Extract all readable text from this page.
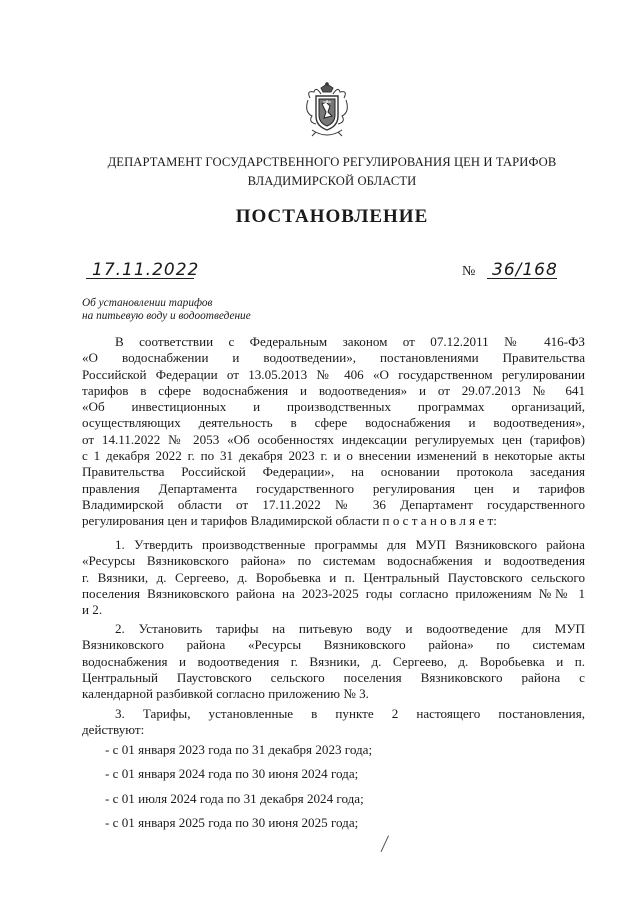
ДЕПАРТАМЕНТ ГОСУДАРСТВЕННОГО РЕГУЛИРОВАНИЯ ЦЕН И ТАРИФОВ
ВЛАДИМИРСКОЙ ОБЛАСТИ
ПОСТАНОВЛЕНИЕ
17.11.2022	№ 36/168
Об установлении тарифов
на питьевую воду и водоотведение
В соответствии с Федеральным законом от 07.12.2011 № 416-ФЗ
«О водоснабжении и водоотведении», постановлениями Правительства
Российской Федерации от 13.05.2013 № 406 «О государственном регулировании
тарифов в сфере водоснабжения и водоотведения» и от 29.07.2013 № 641
«Об инвестиционных и производственных программах организаций,
осуществляющих деятельность в сфере водоснабжения и водоотведения»,
от 14.11.2022 № 2053 «Об особенностях индексации регулируемых цен (тарифов)
с 1 декабря 2022 г. по 31 декабря 2023 г. и о внесении изменений в некоторые акты
Правительства Российской Федерации», на основании протокола заседания
правления Департамента государственного регулирования цен и тарифов
Владимирской области от 17.11.2022 № 36 Департамент государственного
регулирования цен и тарифов Владимирской области п о с т а н о в л я е т:
1. Утвердить производственные программы для МУП Вязниковского района
«Ресурсы Вязниковского района» по системам водоснабжения и водоотведения
г. Вязники, д. Сергеево, д. Воробьевка и п. Центральный Паустовского сельского
поселения Вязниковского района на 2023-2025 годы согласно приложениям №№ 1
и 2.
2. Установить тарифы на питьевую воду и водоотведение для МУП
Вязниковского района «Ресурсы Вязниковского района» по системам
водоснабжения и водоотведения г. Вязники, д. Сергеево, д. Воробьевка и п.
Центральный Паустовского сельского поселения Вязниковского района с
календарной разбивкой согласно приложению № 3.
3. Тарифы, установленные в пункте 2 настоящего постановления,
действуют:
- с 01 января 2023 года по 31 декабря 2023 года;
- с 01 января 2024 года по 30 июня 2024 года;
- с 01 июля 2024 года по 31 декабря 2024 года;
- с 01 января 2025 года по 30 июня 2025 года;
